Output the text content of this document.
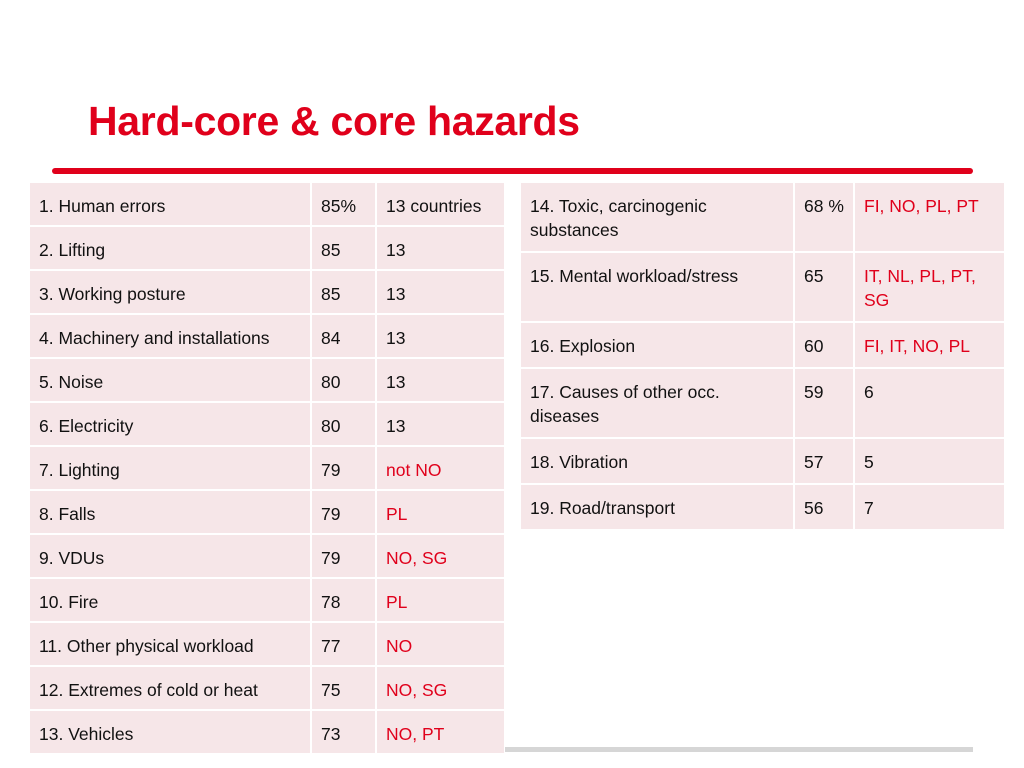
Hard-core & core hazards
1. Human errors	85%	13 countries
2. Lifting	85	13
3. Working posture	85	13
4. Machinery and installations	84	13
5. Noise	80	13
6. Electricity	80	13
7. Lighting	79	not NO
8. Falls	79	PL
9. VDUs	79	NO, SG
10. Fire	78	PL
11. Other physical workload	77	NO
12. Extremes of cold or heat	75	NO, SG
13. Vehicles	73	NO, PT
14. Toxic, carcinogenic substances	68 %	FI, NO, PL, PT
15. Mental workload/stress	65	IT, NL, PL, PT, SG
16. Explosion	60	FI, IT, NO, PL
17. Causes of other occ. diseases	59	6
18. Vibration	57	5
19. Road/transport	56	7
